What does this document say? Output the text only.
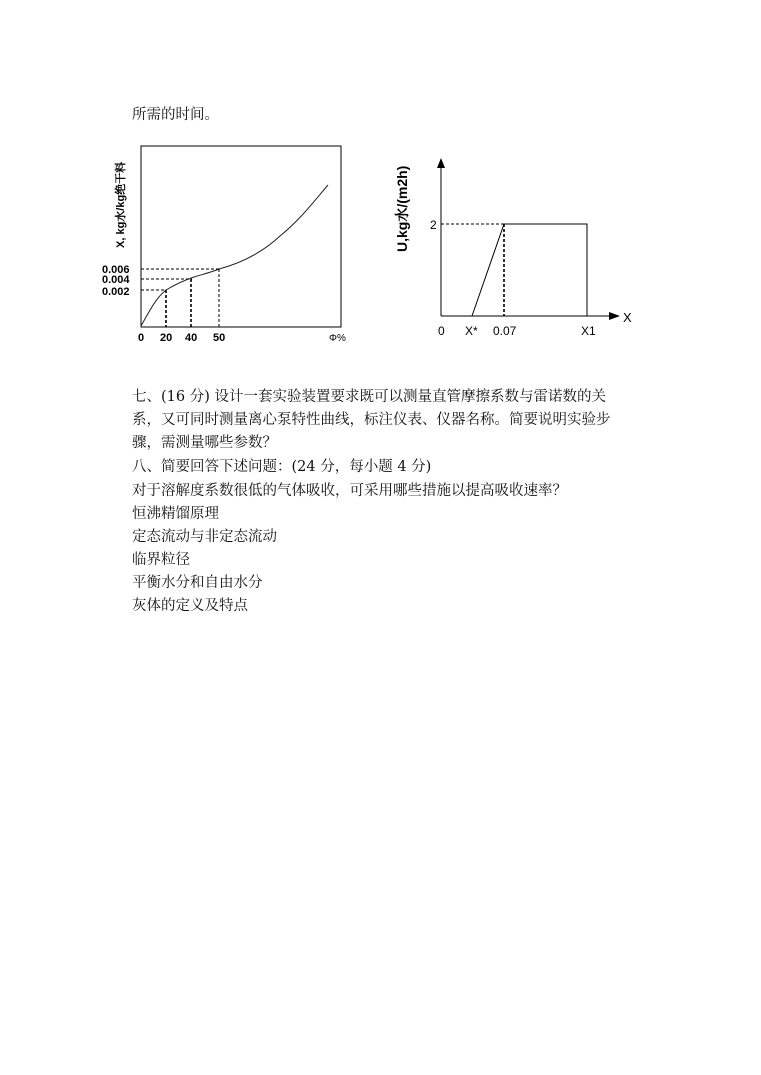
所需的时间。
X, kg水/kg绝干料
0.006
0.004
0.002
0 20 40 50	Φ%
U,kg水/(m2h) 2
0 X* 0.07	X1
X
七、(16 分) 设计一套实验装置要求既可以测量直管摩擦系数与雷诺数的关
系，又可同时测量离心泵特性曲线，标注仪表、仪器名称。简要说明实验步
骤，需测量哪些参数？
八、简要回答下述问题：(24 分，每小题 4 分)
对于溶解度系数很低的气体吸收，可采用哪些措施以提高吸收速率？
恒沸精馏原理
定态流动与非定态流动
临界粒径
平衡水分和自由水分
灰体的定义及特点
